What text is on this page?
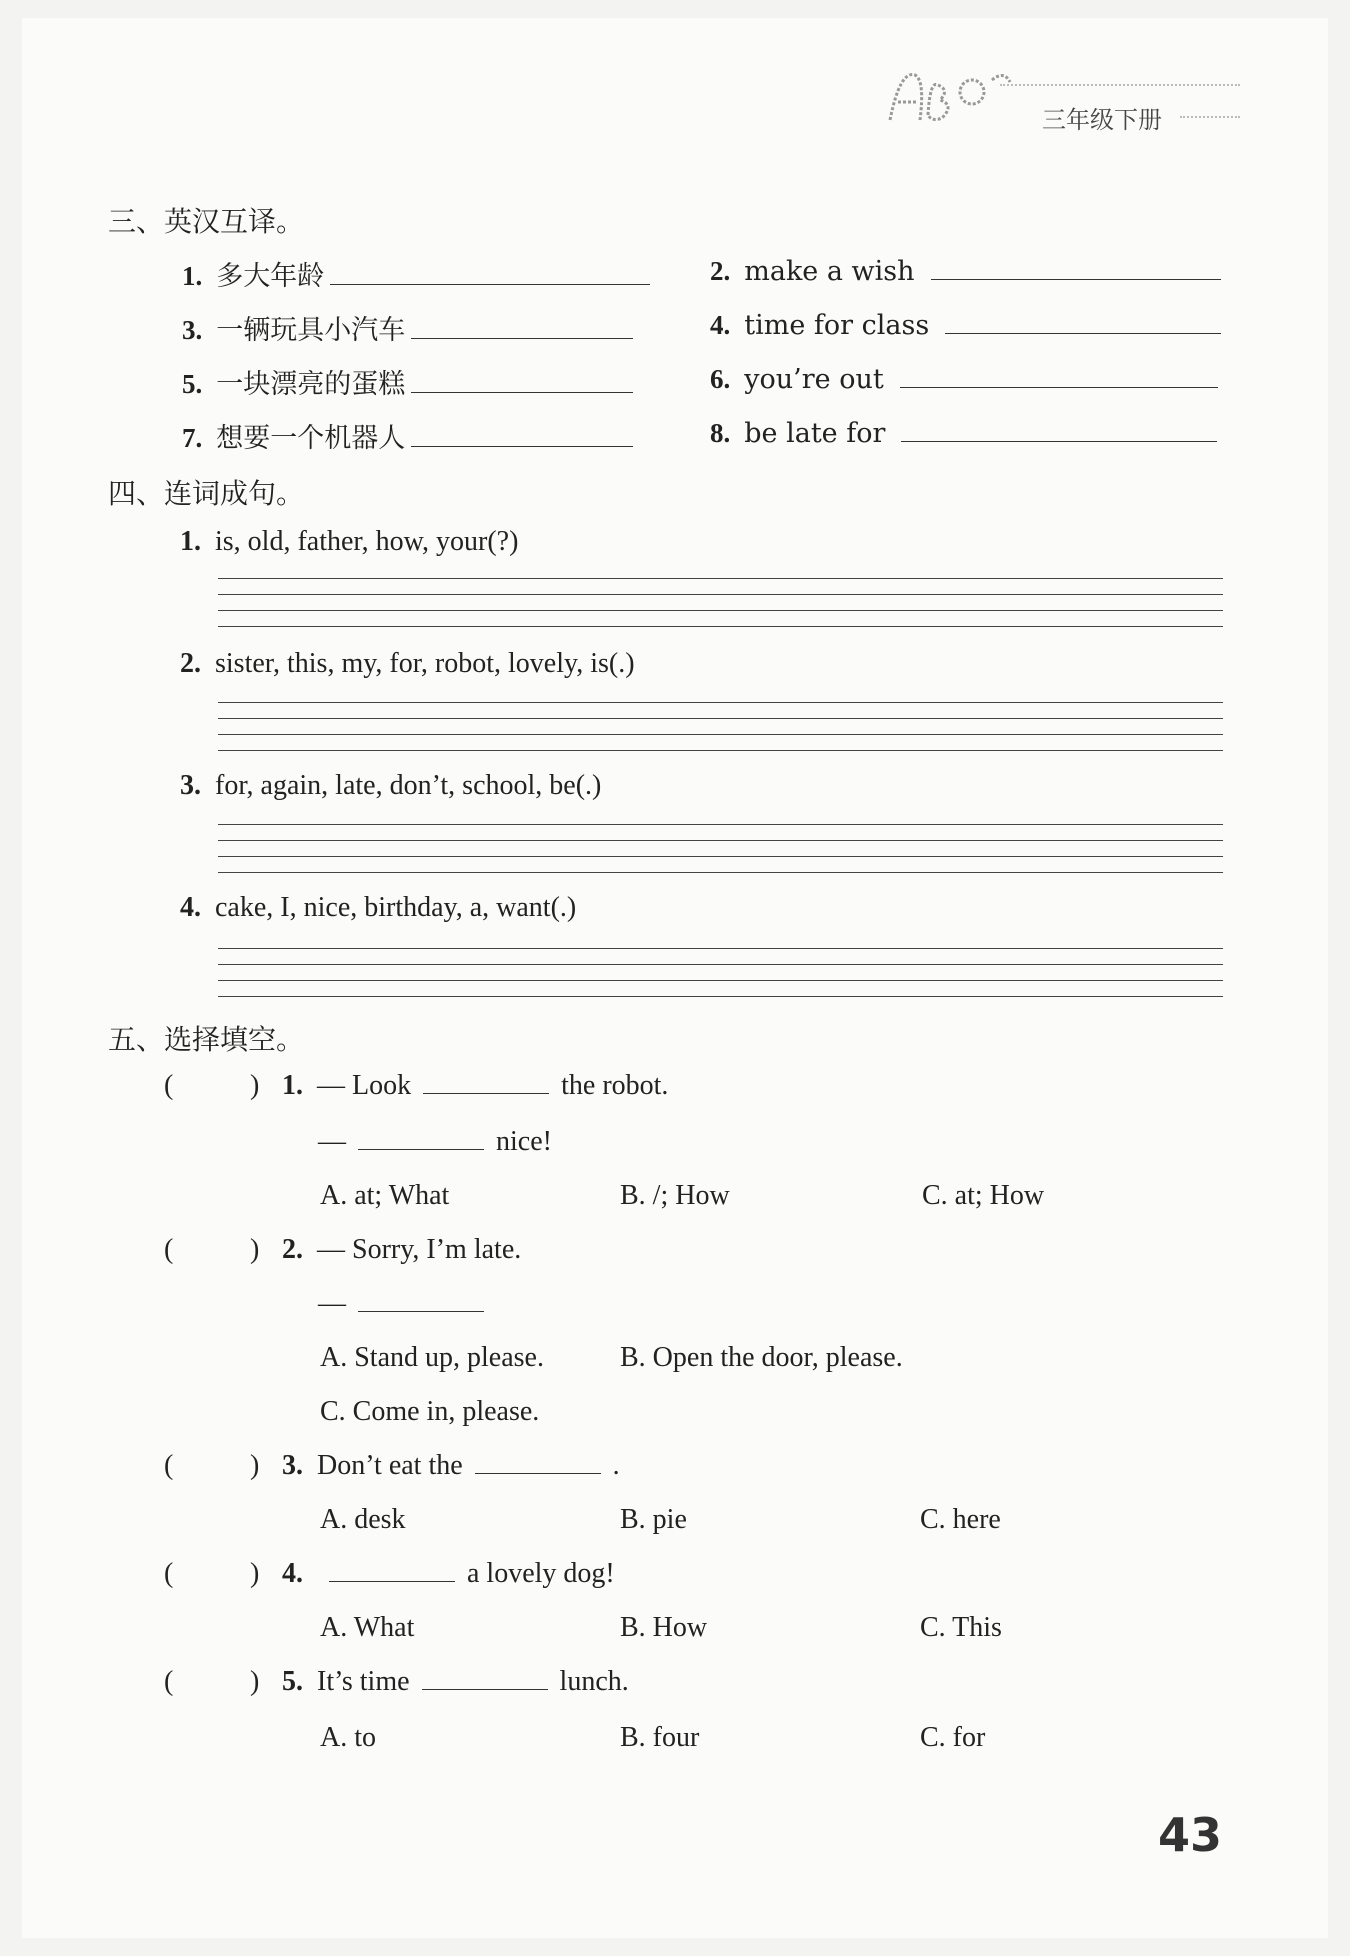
三年级下册
三、英汉互译。
1. 多大年龄	2. make a wish
3. 一辆玩具小汽车	4. time for class
5. 一块漂亮的蛋糕	6. you’re out
7. 想要一个机器人	8. be late for
四、连词成句。
1. is, old, father, how, your(?)
2. sister, this, my, for, robot, lovely, is(.)
3. for, again, late, don’t, school, be(.)
4. cake, I, nice, birthday, a, want(.)
五、选择填空。
(	) 1. — Look	the robot.
—	nice!
A. at; What	B. /; How	C. at; How
(	) 2. — Sorry, I’m late.
—
A. Stand up, please.	B. Open the door, please.
C. Come in, please.
(	) 3. Don’t eat the	.
A. desk	B. pie	C. here
(	) 4.	a lovely dog!
A. What	B. How	C. This
(	) 5. It’s time	lunch.
A. to	B. four	C. for
43
